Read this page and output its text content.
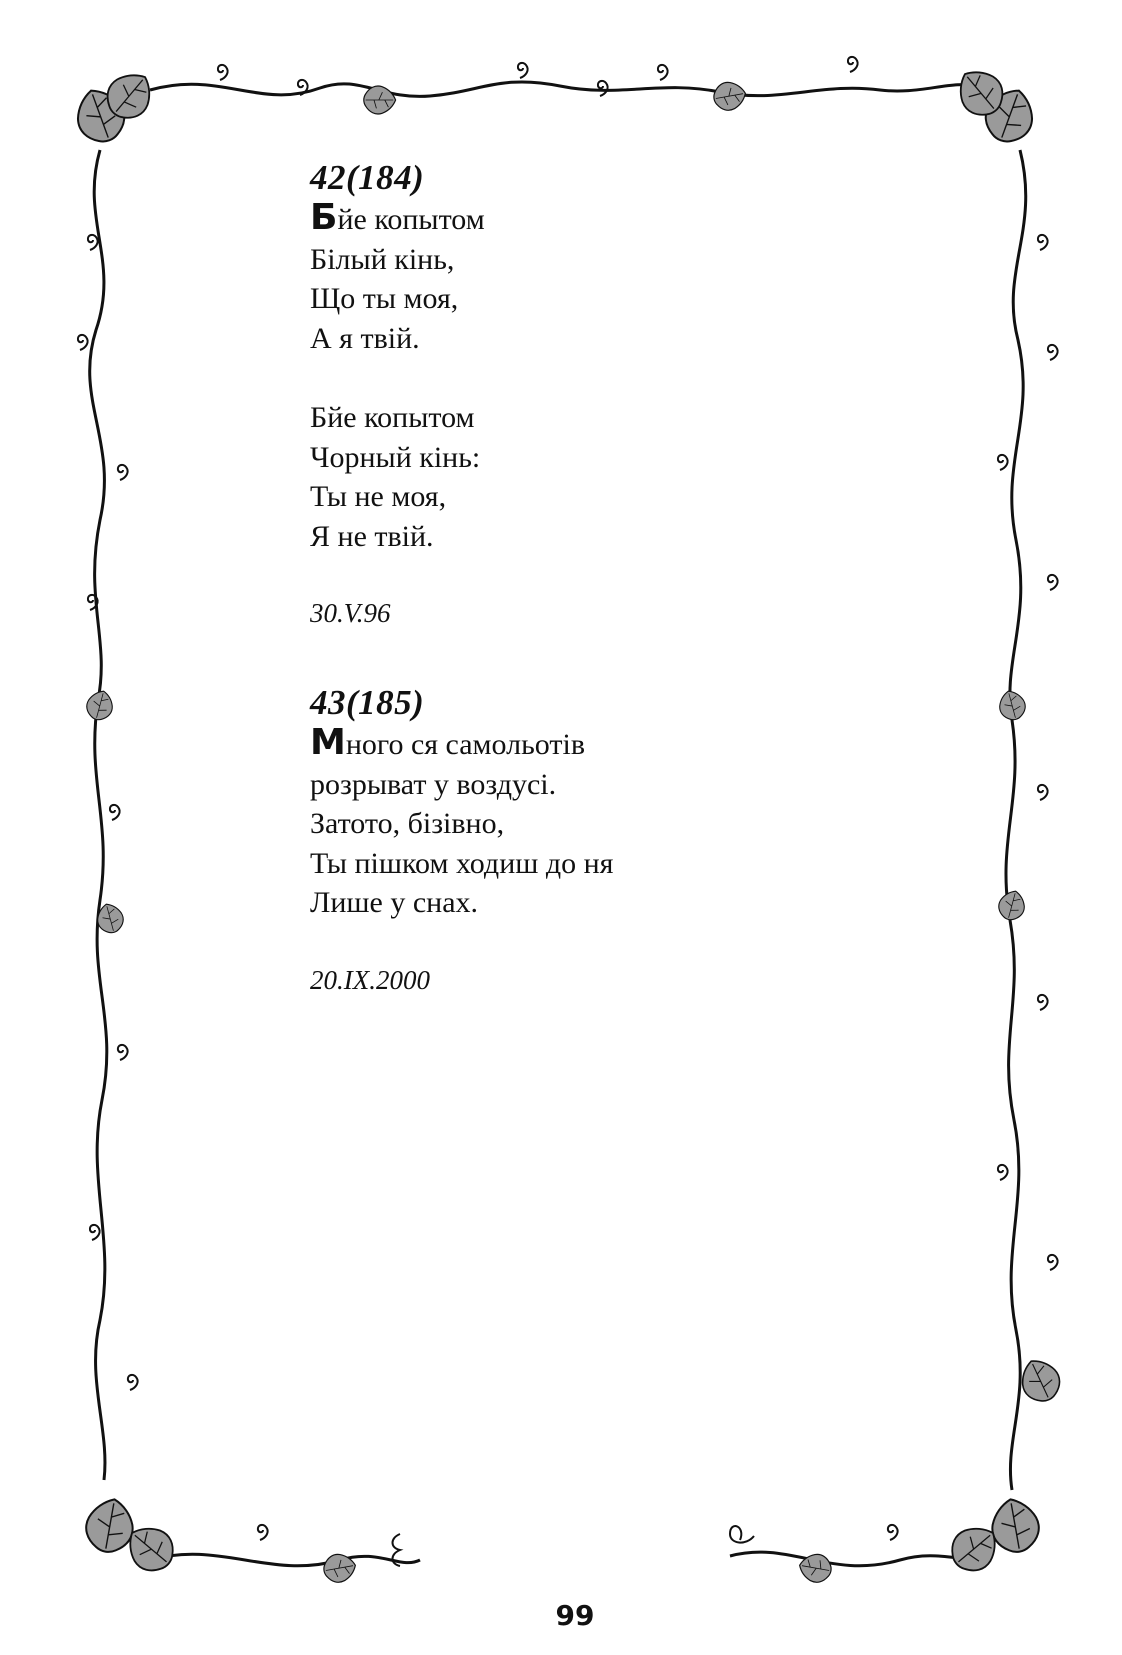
42(184)
Бйе копытом
Білый кінь,
Що ты моя,
А я твій.
Бйе копытом
Чорный кінь:
Ты не моя,
Я не твій.
30.V.96
43(185)
Много ся самольотів
розрыват у воздусі.
Затото, бізівно,
Ты пішком ходиш до ня
Лише у снах.
20.IX.2000
99
